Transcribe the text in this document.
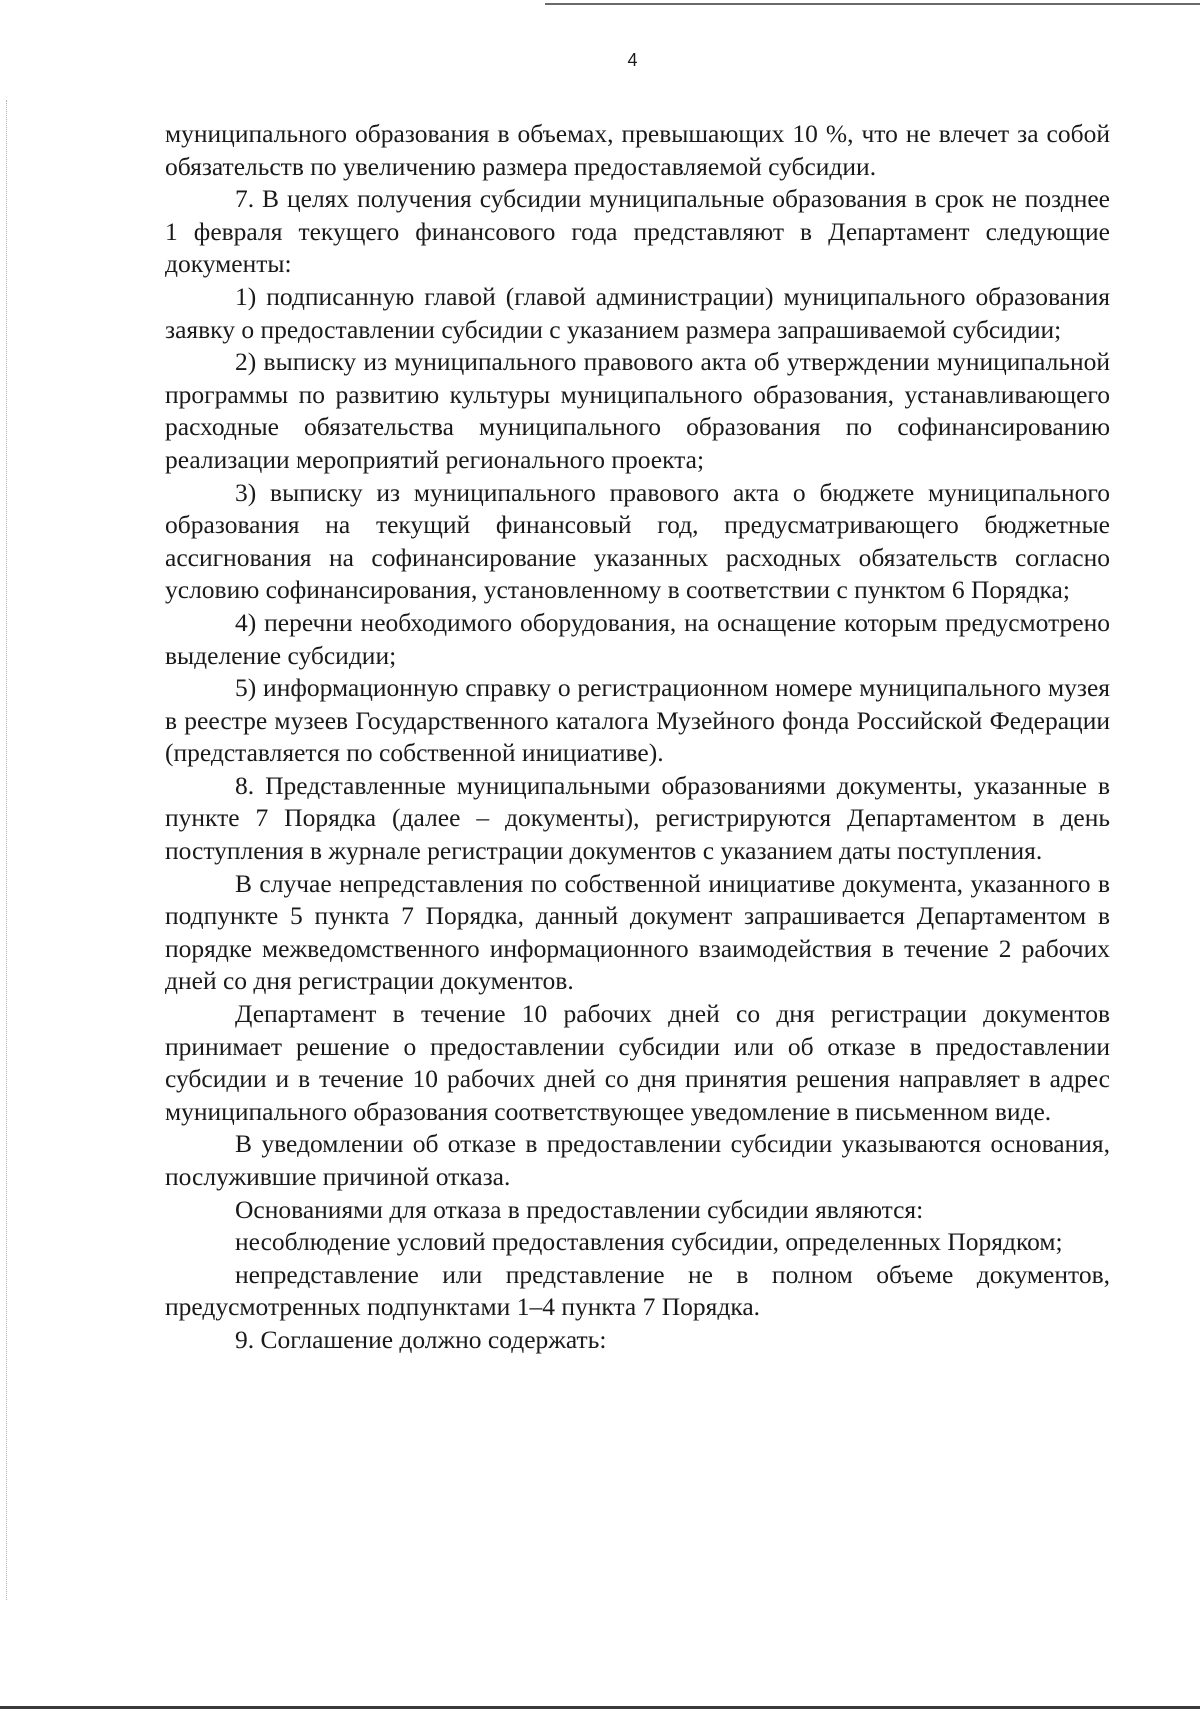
4

муниципального образования в объемах, превышающих 10 %, что не влечет за собой обязательств по увеличению размера предоставляемой субсидии.

7. В целях получения субсидии муниципальные образования в срок не позднее 1 февраля текущего финансового года представляют в Департамент следующие документы:

1) подписанную главой (главой администрации) муниципального образования заявку о предоставлении субсидии с указанием размера запрашиваемой субсидии;

2) выписку из муниципального правового акта об утверждении муниципальной программы по развитию культуры муниципального образования, устанавливающего расходные обязательства муниципального образования по софинансированию реализации мероприятий регионального проекта;

3) выписку из муниципального правового акта о бюджете муниципального образования на текущий финансовый год, предусматривающего бюджетные ассигнования на софинансирование указанных расходных обязательств согласно условию софинансирования, установленному в соответствии с пунктом 6 Порядка;

4) перечни необходимого оборудования, на оснащение которым предусмотрено выделение субсидии;

5) информационную справку о регистрационном номере муниципального музея в реестре музеев Государственного каталога Музейного фонда Российской Федерации (представляется по собственной инициативе).

8. Представленные муниципальными образованиями документы, указанные в пункте 7 Порядка (далее – документы), регистрируются Департаментом в день поступления в журнале регистрации документов с указанием даты поступления.

В случае непредставления по собственной инициативе документа, указанного в подпункте 5 пункта 7 Порядка, данный документ запрашивается Департаментом в порядке межведомственного информационного взаимодействия в течение 2 рабочих дней со дня регистрации документов.

Департамент в течение 10 рабочих дней со дня регистрации документов принимает решение о предоставлении субсидии или об отказе в предоставлении субсидии и в течение 10 рабочих дней со дня принятия решения направляет в адрес муниципального образования соответствующее уведомление в письменном виде.

В уведомлении об отказе в предоставлении субсидии указываются основания, послужившие причиной отказа.

Основаниями для отказа в предоставлении субсидии являются:

несоблюдение условий предоставления субсидии, определенных Порядком;

непредставление или представление не в полном объеме документов, предусмотренных подпунктами 1–4 пункта 7 Порядка.

9. Соглашение должно содержать:
